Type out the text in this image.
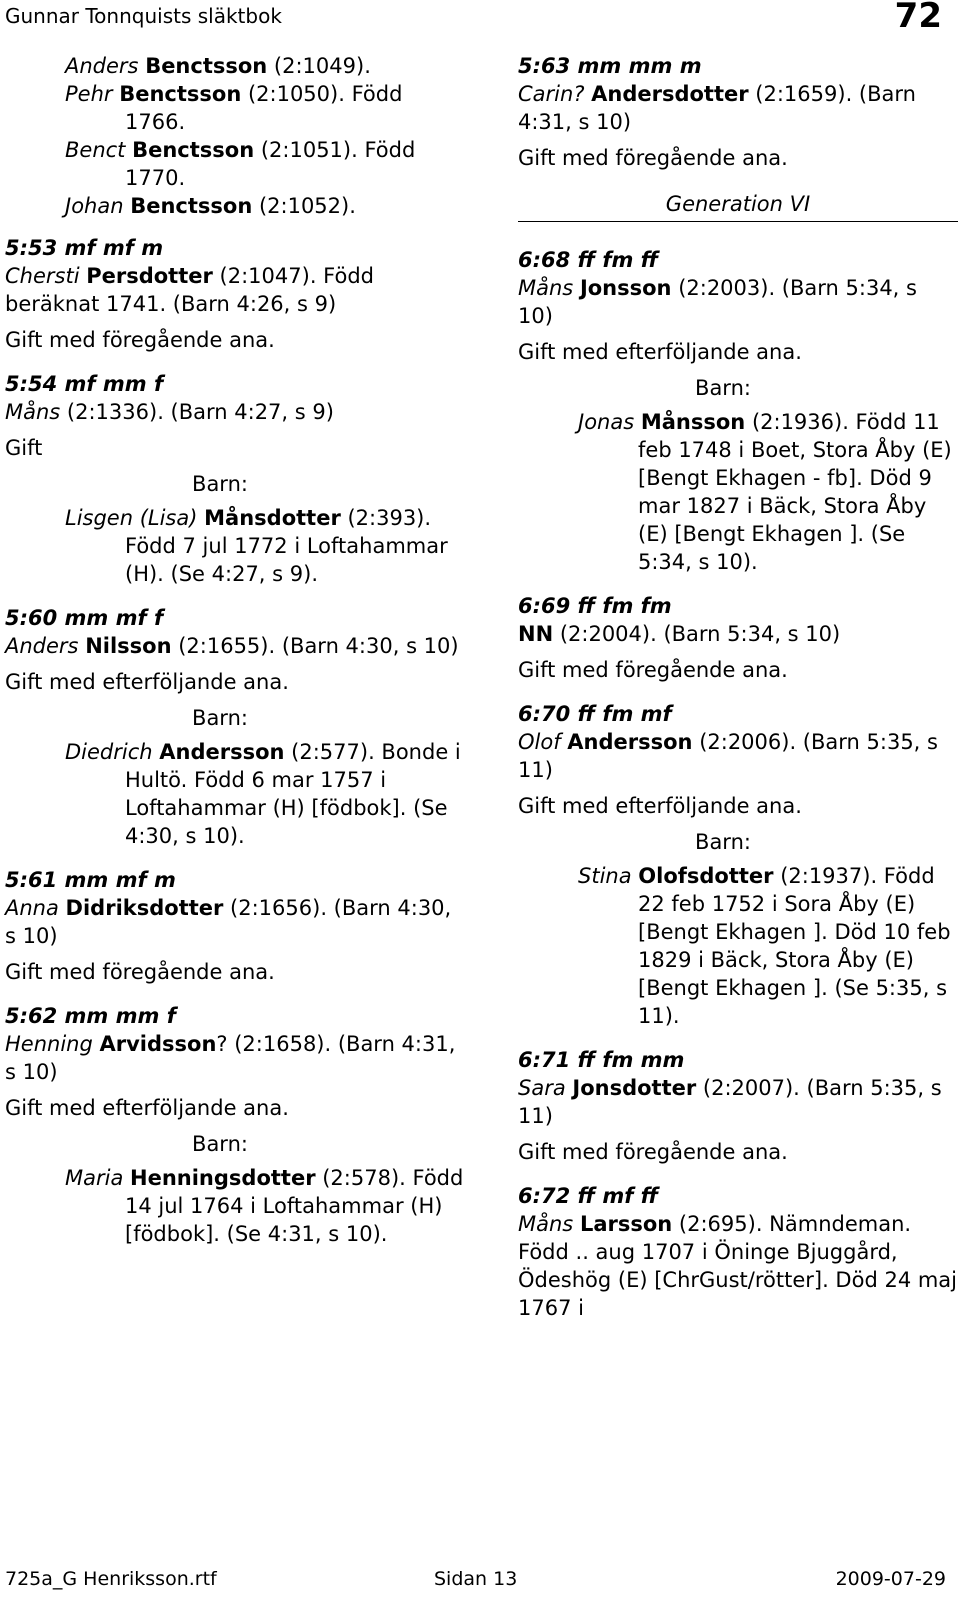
Gunnar Tonnquists släktbok	72

Anders Benctsson (2:1049).

Pehr Benctsson (2:1050). Född 1766.

Benct Benctsson (2:1051). Född 1770.

Johan Benctsson (2:1052).

5:53 mf mf m

Chersti Persdotter (2:1047). Född beräknat 1741. (Barn 4:26, s 9)

Gift med föregående ana.

5:54 mf mm f

Måns (2:1336). (Barn 4:27, s 9)

Gift

Barn:

Lisgen (Lisa) Månsdotter (2:393). Född 7 jul 1772 i Loftahammar (H). (Se 4:27, s 9).

5:60 mm mf f

Anders Nilsson (2:1655). (Barn 4:30, s 10)

Gift med efterföljande ana.

Barn:

Diedrich Andersson (2:577). Bonde i Hultö. Född 6 mar 1757 i Loftahammar (H) [födbok]. (Se 4:30, s 10).

5:61 mm mf m

Anna Didriksdotter (2:1656). (Barn 4:30, s 10)

Gift med föregående ana.

5:62 mm mm f

Henning Arvidsson? (2:1658). (Barn 4:31, s 10)

Gift med efterföljande ana.

Barn:

Maria Henningsdotter (2:578). Född 14 jul 1764 i Loftahammar (H) [födbok]. (Se 4:31, s 10).

5:63 mm mm m

Carin? Andersdotter (2:1659). (Barn 4:31, s 10)

Gift med föregående ana.

Generation VI

6:68 ff fm ff

Måns Jonsson (2:2003). (Barn 5:34, s 10)

Gift med efterföljande ana.

Barn:

Jonas Månsson (2:1936). Född 11 feb 1748 i Boet, Stora Åby (E) [Bengt Ekhagen - fb]. Död 9 mar 1827 i Bäck, Stora Åby (E) [Bengt Ekhagen ]. (Se 5:34, s 10).

6:69 ff fm fm

NN (2:2004). (Barn 5:34, s 10)

Gift med föregående ana.

6:70 ff fm mf

Olof Andersson (2:2006). (Barn 5:35, s 11)

Gift med efterföljande ana.

Barn:

Stina Olofsdotter (2:1937). Född 22 feb 1752 i Sora Åby (E) [Bengt Ekhagen ]. Död 10 feb 1829 i Bäck, Stora Åby (E) [Bengt Ekhagen ]. (Se 5:35, s 11).

6:71 ff fm mm

Sara Jonsdotter (2:2007). (Barn 5:35, s 11)

Gift med föregående ana.

6:72 ff mf ff

Måns Larsson (2:695). Nämndeman. Född .. aug 1707 i Öninge Bjuggård, Ödeshög (E) [ChrGust/rötter]. Död 24 maj 1767 i

725a_G Henriksson.rtf	Sidan 13	2009-07-29
